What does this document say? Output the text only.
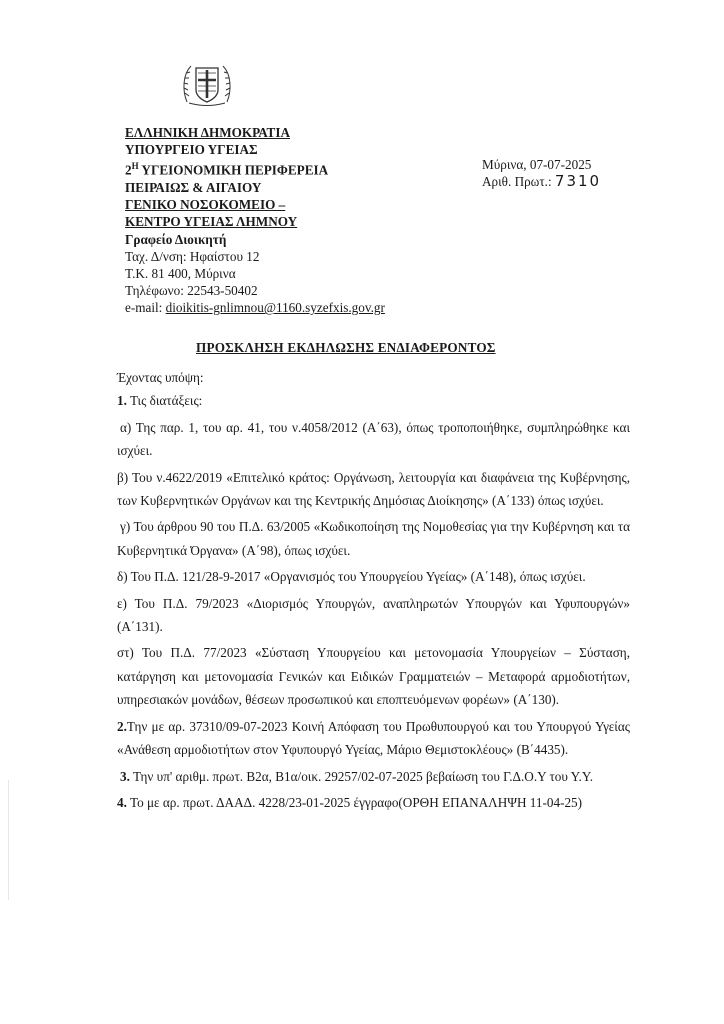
ΕΛΛΗΝΙΚΗ ΔΗΜΟΚΡΑΤΙΑ
ΥΠΟΥΡΓΕΙΟ ΥΓΕΙΑΣ
$2^H$ ΥΓΕΙΟΝΟΜΙΚΗ ΠΕΡΙΦΕΡΕΙΑ
ΠΕΙΡΑΙΩΣ & ΑΙΓΑΙΟΥ
ΓΕΝΙΚΟ ΝΟΣΟΚΟΜΕΙΟ –
ΚΕΝΤΡΟ ΥΓΕΙΑΣ ΛΗΜΝΟΥ
Γραφείο Διοικητή
Ταχ. Δ/νση: Ηφαίστου 12
Τ.Κ. 81 400, Μύρινα
Τηλέφωνο: 22543-50402
e-mail: dioikitis-gnlimnou@1160.syzefxis.gov.gr
Μύρινα, 07-07-2025
Αριθ. Πρωτ.: 7310
ΠΡΟΣΚΛΗΣΗ ΕΚΔΗΛΩΣΗΣ ΕΝΔΙΑΦΕΡΟΝΤΟΣ

Έχοντας υπόψη:

1. Τις διατάξεις:

α) Της παρ. 1, του αρ. 41, του ν.4058/2012 (Α΄63), όπως τροποποιήθηκε, συμπληρώθηκε και ισχύει.

β) Του ν.4622/2019 «Επιτελικό κράτος: Οργάνωση, λειτουργία και διαφάνεια της Κυβέρνησης, των Κυβερνητικών Οργάνων και της Κεντρικής Δημόσιας Διοίκησης» (Α΄133) όπως ισχύει.

γ) Του άρθρου 90 του Π.Δ. 63/2005 «Κωδικοποίηση της Νομοθεσίας για την Κυβέρνηση και τα Κυβερνητικά Όργανα» (Α΄98), όπως ισχύει.

δ) Του Π.Δ. 121/28-9-2017 «Οργανισμός του Υπουργείου Υγείας» (Α΄148), όπως ισχύει.

ε) Του Π.Δ. 79/2023 «Διορισμός Υπουργών, αναπληρωτών Υπουργών και Υφυπουργών» (Α΄131).

στ) Του Π.Δ. 77/2023 «Σύσταση Υπουργείου και μετονομασία Υπουργείων – Σύσταση, κατάργηση και μετονομασία Γενικών και Ειδικών Γραμματειών – Μεταφορά αρμοδιοτήτων, υπηρεσιακών μονάδων, θέσεων προσωπικού και εποπτευόμενων φορέων» (Α΄130).

2.Την με αρ. 37310/09-07-2023 Κοινή Απόφαση του Πρωθυπουργού και του Υπουργού Υγείας «Ανάθεση αρμοδιοτήτων στον Υφυπουργό Υγείας, Μάριο Θεμιστοκλέους» (Β΄4435).

3. Την υπ' αριθμ. πρωτ. Β2α, Β1α/οικ. 29257/02-07-2025 βεβαίωση του Γ.Δ.Ο.Υ του Υ.Υ.

4. Το με αρ. πρωτ. ΔΑΑΔ. 4228/23-01-2025 έγγραφο(ΟΡΘΗ ΕΠΑΝΑΛΗΨΗ 11-04-25)
